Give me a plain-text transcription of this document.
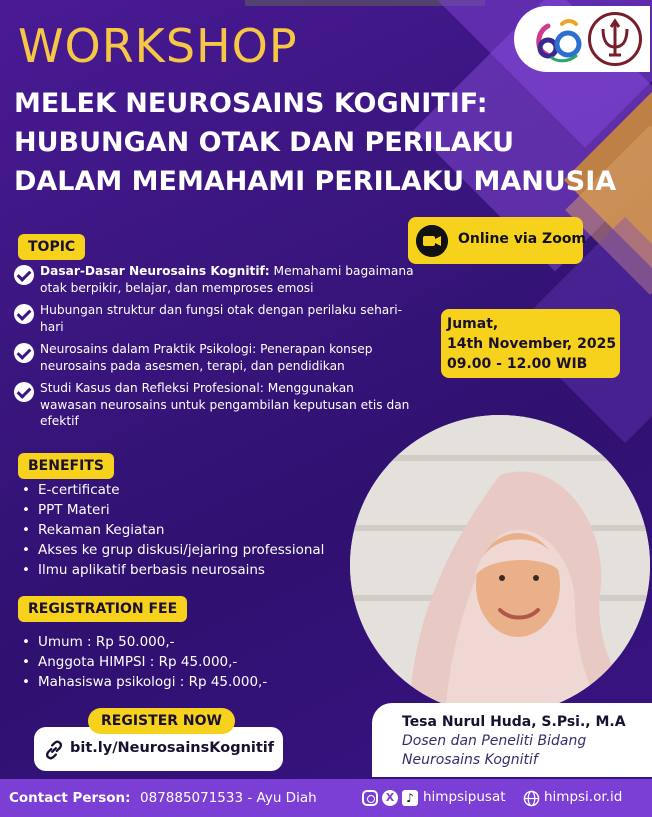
WORKSHOP
MELEK NEUROSAINS KOGNITIF:
HUBUNGAN OTAK DAN PERILAKU
DALAM MEMAHAMI PERILAKU MANUSIA
TOPIC
Dasar-Dasar Neurosains Kognitif: Memahami bagaimana otak berpikir, belajar, dan memproses emosi
Hubungan struktur dan fungsi otak dengan perilaku sehari-hari
Neurosains dalam Praktik Psikologi: Penerapan konsep neurosains pada asesmen, terapi, dan pendidikan
Studi Kasus dan Refleksi Profesional: Menggunakan wawasan neurosains untuk pengambilan keputusan etis dan efektif
Online via Zoom
Jumat,
14th November, 2025
09.00 - 12.00 WIB
BENEFITS
• E-certificate
• PPT Materi
• Rekaman Kegiatan
• Akses ke grup diskusi/jejaring professional
• Ilmu aplikatif berbasis neurosains
REGISTRATION FEE
• Umum : Rp 50.000,-
• Anggota HIMPSI : Rp 45.000,-
• Mahasiswa psikologi : Rp 45.000,-
bit.ly/NeurosainsKognitif
REGISTER NOW	Tesa Nurul Huda, S.Psi., M.A
Dosen dan Peneliti Bidang
Neurosains Kognitif
Contact Person: 087885071533 - Ayu Diah	X ♪ himpsipusat	himpsi.or.id
